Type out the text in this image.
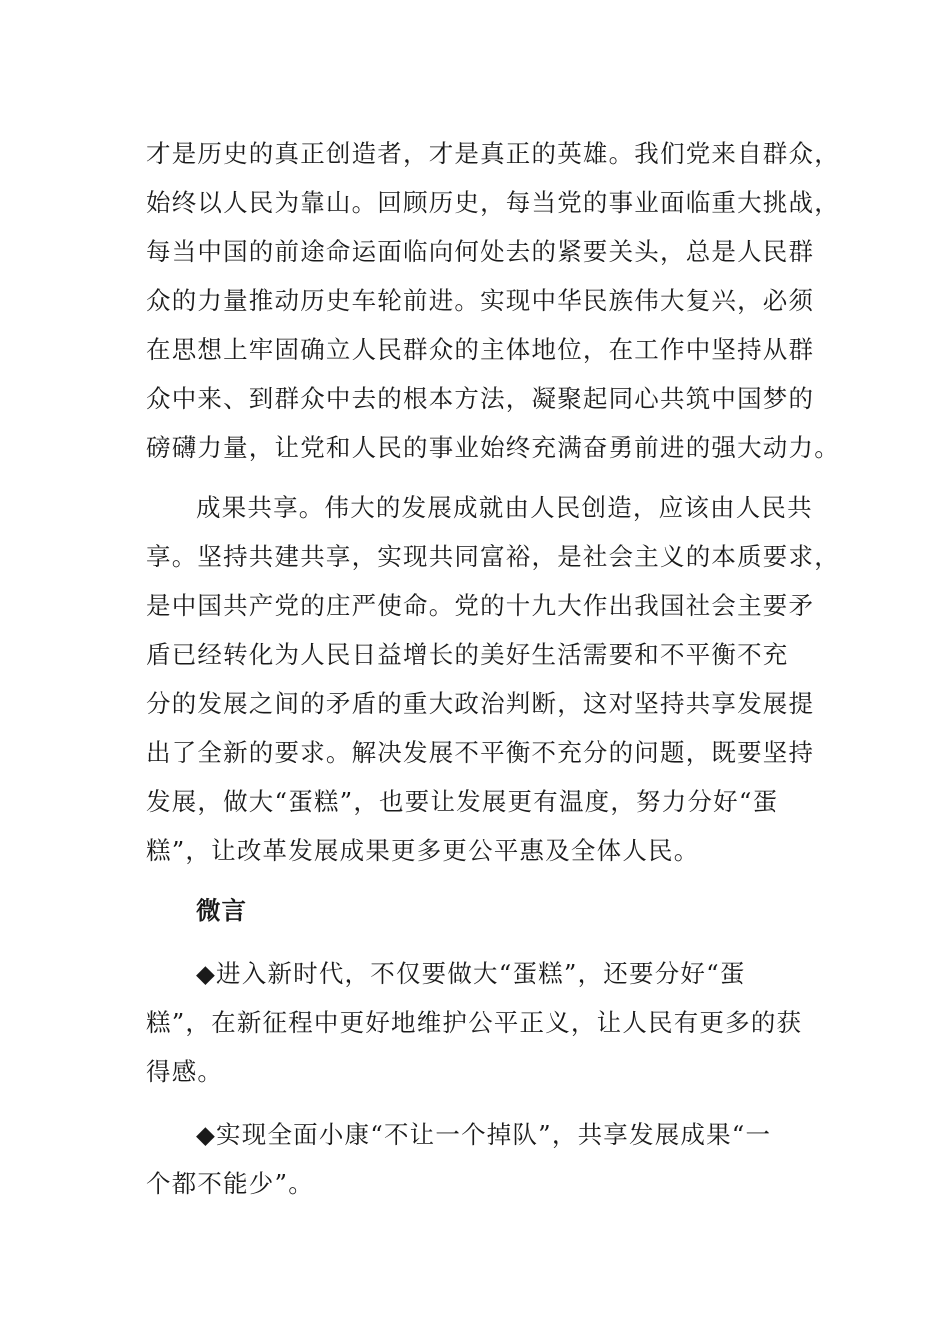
才是历史的真正创造者，才是真正的英雄。我们党来自群众，
始终以人民为靠山。回顾历史，每当党的事业面临重大挑战，
每当中国的前途命运面临向何处去的紧要关头，总是人民群
众的力量推动历史车轮前进。实现中华民族伟大复兴，必须
在思想上牢固确立人民群众的主体地位，在工作中坚持从群
众中来、到群众中去的根本方法，凝聚起同心共筑中国梦的
磅礴力量，让党和人民的事业始终充满奋勇前进的强大动力。
成果共享。伟大的发展成就由人民创造，应该由人民共
享。坚持共建共享，实现共同富裕，是社会主义的本质要求，
是中国共产党的庄严使命。党的十九大作出我国社会主要矛
盾已经转化为人民日益增长的美好生活需要和不平衡不充
分的发展之间的矛盾的重大政治判断，这对坚持共享发展提
出了全新的要求。解决发展不平衡不充分的问题，既要坚持
发展，做大“蛋糕”，也要让发展更有温度，努力分好“蛋
糕”，让改革发展成果更多更公平惠及全体人民。
微言
◆进入新时代，不仅要做大“蛋糕”，还要分好“蛋
糕”，在新征程中更好地维护公平正义，让人民有更多的获
得感。
◆实现全面小康“不让一个掉队”，共享发展成果“一
个都不能少”。
